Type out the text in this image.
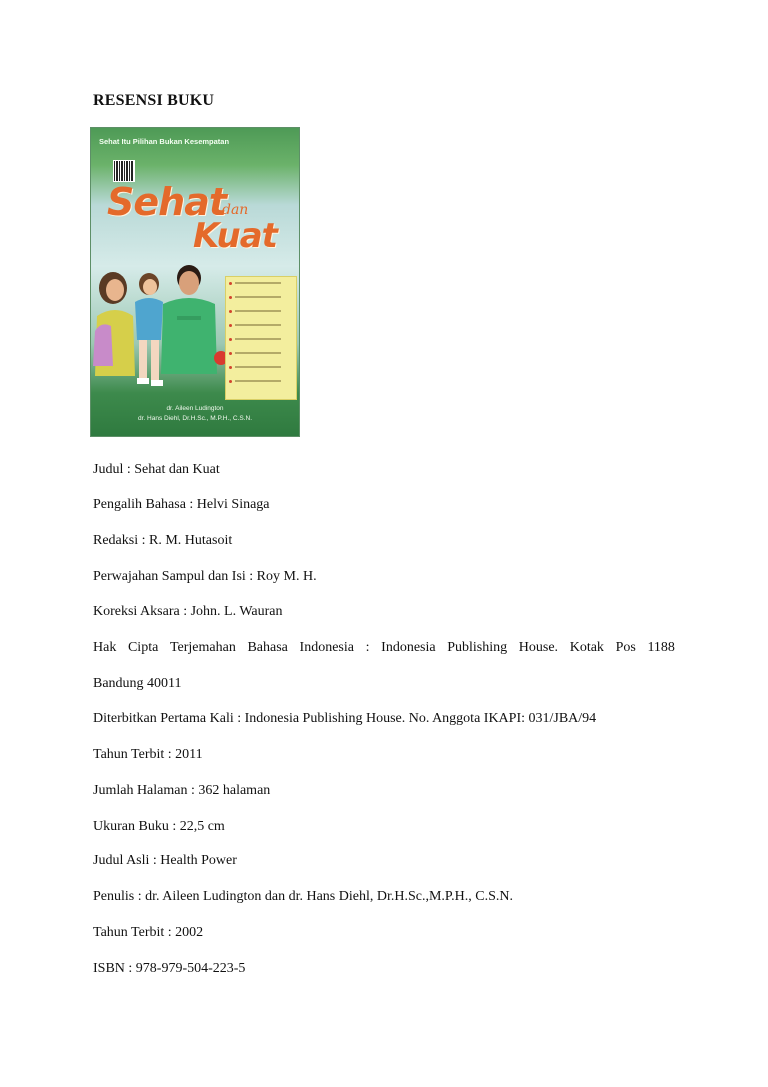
RESENSI BUKU
Sehat Itu Pilihan Bukan Kesempatan
Sehat
dan
Kuat
dr. Aileen Ludington
dr. Hans Diehl, Dr.H.Sc., M.P.H., C.S.N.
Judul : Sehat dan Kuat
Pengalih Bahasa : Helvi Sinaga
Redaksi : R. M. Hutasoit
Perwajahan Sampul dan Isi : Roy M. H.
Koreksi Aksara : John. L. Wauran
Hak Cipta Terjemahan Bahasa Indonesia : Indonesia Publishing House. Kotak Pos 1188
Bandung 40011
Diterbitkan Pertama Kali : Indonesia Publishing House. No. Anggota IKAPI: 031/JBA/94
Tahun Terbit : 2011
Jumlah Halaman : 362 halaman
Ukuran Buku : 22,5 cm
Judul Asli : Health Power
Penulis : dr. Aileen Ludington dan dr. Hans Diehl, Dr.H.Sc.,M.P.H., C.S.N.
Tahun Terbit : 2002
ISBN : 978-979-504-223-5
